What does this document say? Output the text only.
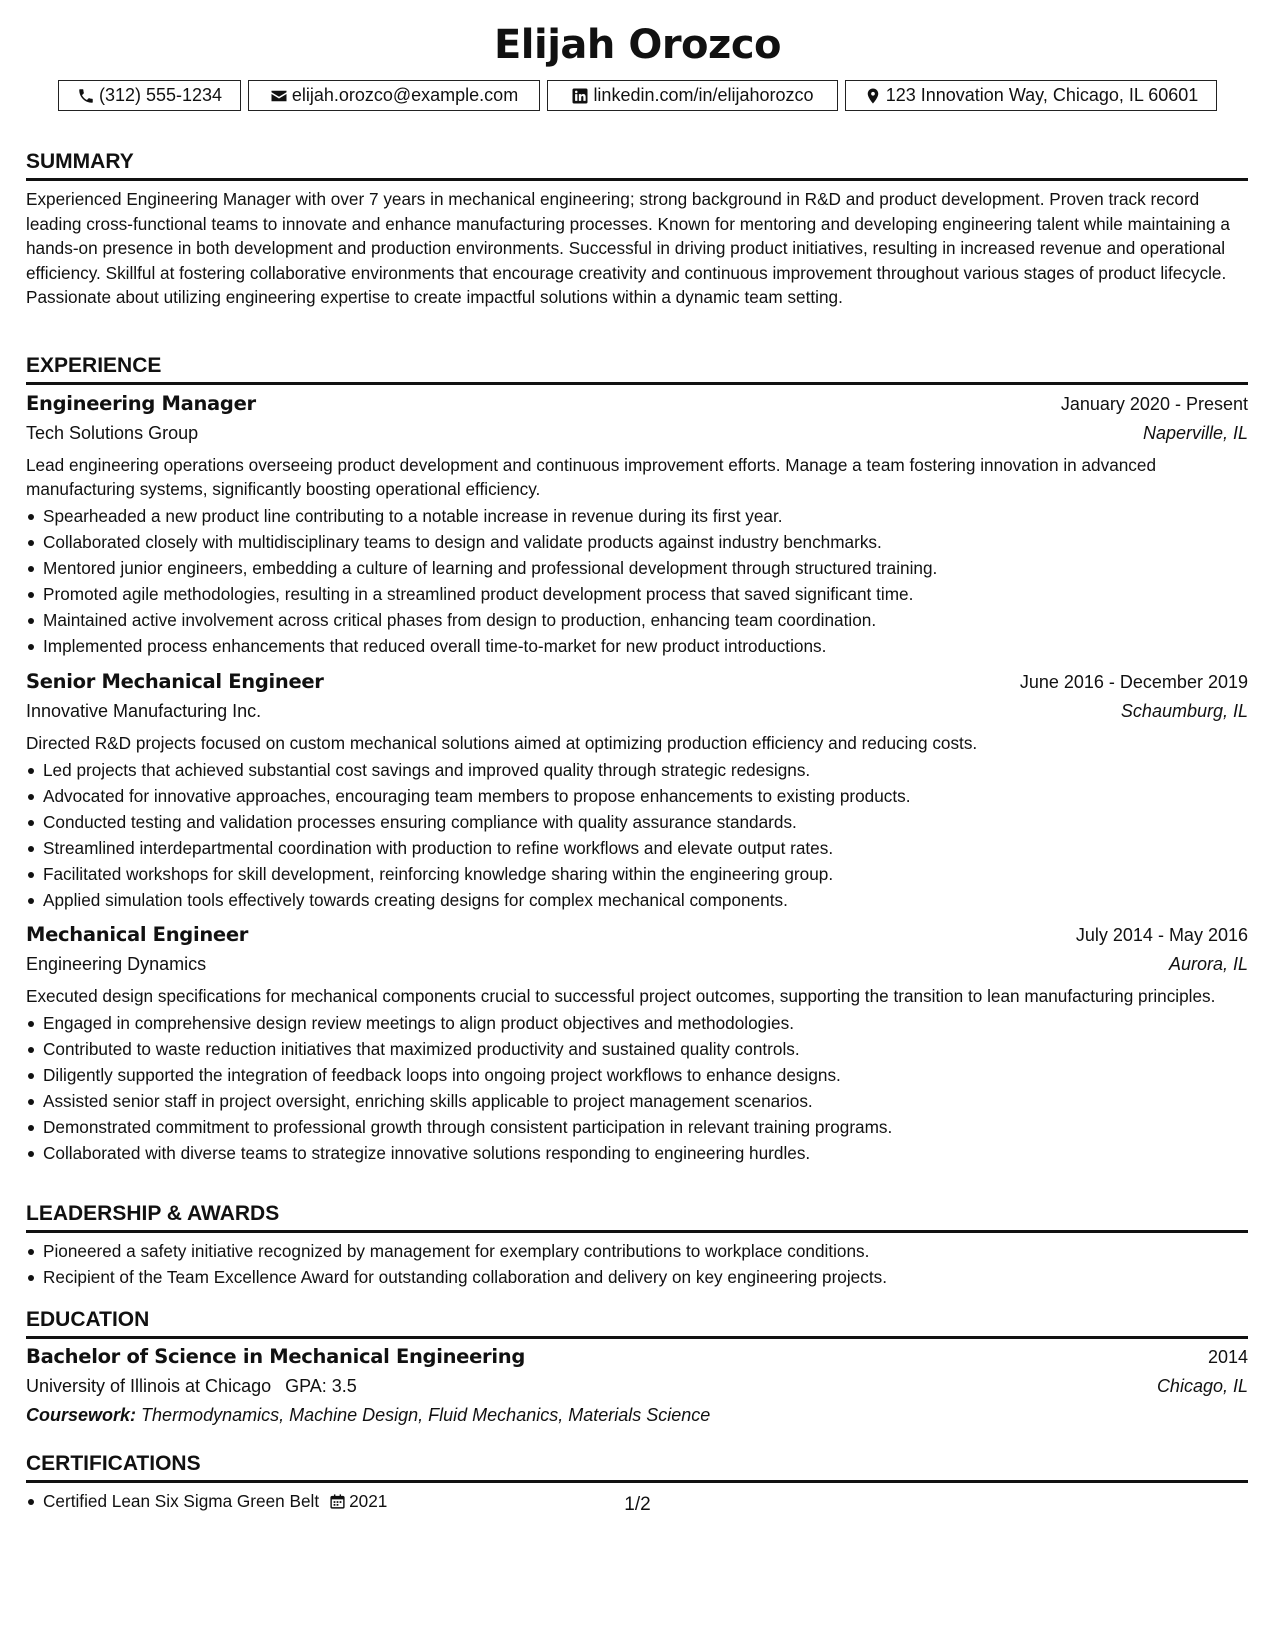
Elijah Orozco
(312) 555-1234	elijah.orozco@example.com	linkedin.com/in/elijahorozco	123 Innovation Way, Chicago, IL 60601
SUMMARY
Experienced Engineering Manager with over 7 years in mechanical engineering; strong background in R&D and product development. Proven track record leading cross-functional teams to innovate and enhance manufacturing processes. Known for mentoring and developing engineering talent while maintaining a hands-on presence in both development and production environments. Successful in driving product initiatives, resulting in increased revenue and operational efficiency. Skillful at fostering collaborative environments that encourage creativity and continuous improvement throughout various stages of product lifecycle. Passionate about utilizing engineering expertise to create impactful solutions within a dynamic team setting.
EXPERIENCE
Engineering Manager	January 2020 - Present
Tech Solutions Group	Naperville, IL
Lead engineering operations overseeing product development and continuous improvement efforts. Manage a team fostering innovation in advanced manufacturing systems, significantly boosting operational efficiency.
Spearheaded a new product line contributing to a notable increase in revenue during its first year.
Collaborated closely with multidisciplinary teams to design and validate products against industry benchmarks.
Mentored junior engineers, embedding a culture of learning and professional development through structured training.
Promoted agile methodologies, resulting in a streamlined product development process that saved significant time.
Maintained active involvement across critical phases from design to production, enhancing team coordination.
Implemented process enhancements that reduced overall time-to-market for new product introductions.
Senior Mechanical Engineer	June 2016 - December 2019
Innovative Manufacturing Inc.	Schaumburg, IL
Directed R&D projects focused on custom mechanical solutions aimed at optimizing production efficiency and reducing costs.
Led projects that achieved substantial cost savings and improved quality through strategic redesigns.
Advocated for innovative approaches, encouraging team members to propose enhancements to existing products.
Conducted testing and validation processes ensuring compliance with quality assurance standards.
Streamlined interdepartmental coordination with production to refine workflows and elevate output rates.
Facilitated workshops for skill development, reinforcing knowledge sharing within the engineering group.
Applied simulation tools effectively towards creating designs for complex mechanical components.
Mechanical Engineer	July 2014 - May 2016
Engineering Dynamics	Aurora, IL
Executed design specifications for mechanical components crucial to successful project outcomes, supporting the transition to lean manufacturing principles.
Engaged in comprehensive design review meetings to align product objectives and methodologies.
Contributed to waste reduction initiatives that maximized productivity and sustained quality controls.
Diligently supported the integration of feedback loops into ongoing project workflows to enhance designs.
Assisted senior staff in project oversight, enriching skills applicable to project management scenarios.
Demonstrated commitment to professional growth through consistent participation in relevant training programs.
Collaborated with diverse teams to strategize innovative solutions responding to engineering hurdles.
LEADERSHIP & AWARDS
Pioneered a safety initiative recognized by management for exemplary contributions to workplace conditions.
Recipient of the Team Excellence Award for outstanding collaboration and delivery on key engineering projects.
EDUCATION
Bachelor of Science in Mechanical Engineering	2014
University of Illinois at Chicago GPA: 3.5	Chicago, IL
Coursework: Thermodynamics, Machine Design, Fluid Mechanics, Materials Science
CERTIFICATIONS
Certified Lean Six Sigma Green Belt 2021	1/2
